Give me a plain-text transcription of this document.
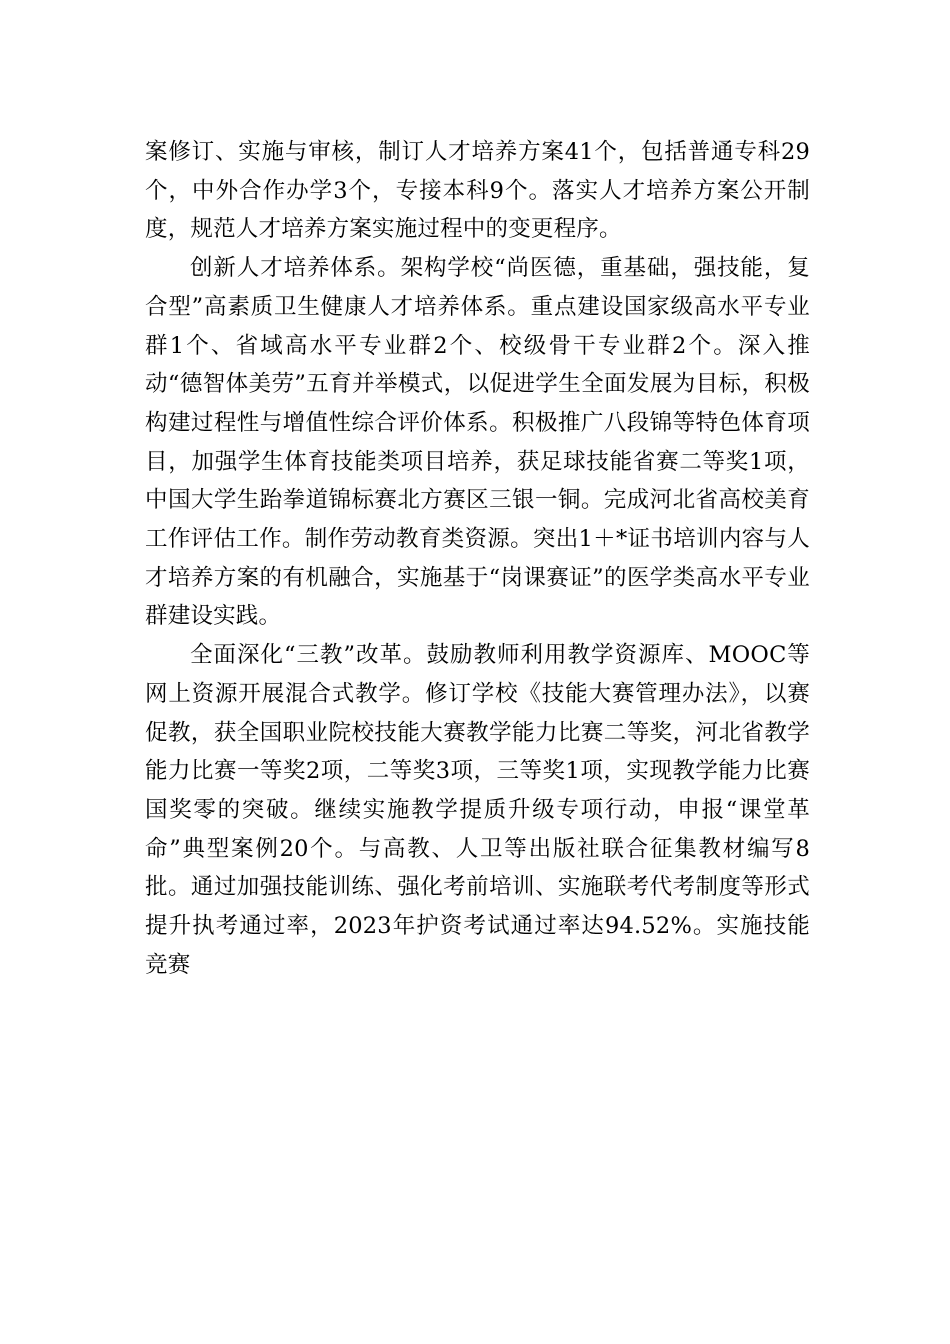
案修订、实施与审核，制订人才培养方案41个，包括普通专科29个，中外合作办学3个，专接本科9个。落实人才培养方案公开制度，规范人才培养方案实施过程中的变更程序。

创新人才培养体系。架构学校“尚医德，重基础，强技能，复合型”高素质卫生健康人才培养体系。重点建设国家级高水平专业群1个、省域高水平专业群2个、校级骨干专业群2个。深入推动“德智体美劳”五育并举模式，以促进学生全面发展为目标，积极构建过程性与增值性综合评价体系。积极推广八段锦等特色体育项目，加强学生体育技能类项目培养，获足球技能省赛二等奖1项，中国大学生跆拳道锦标赛北方赛区三银一铜。完成河北省高校美育工作评估工作。制作劳动教育类资源。突出1＋*证书培训内容与人才培养方案的有机融合，实施基于“岗课赛证”的医学类高水平专业群建设实践。

全面深化“三教”改革。鼓励教师利用教学资源库、MOOC等网上资源开展混合式教学。修订学校《技能大赛管理办法》，以赛促教，获全国职业院校技能大赛教学能力比赛二等奖，河北省教学能力比赛一等奖2项，二等奖3项，三等奖1项，实现教学能力比赛国奖零的突破。继续实施教学提质升级专项行动，申报“课堂革命”典型案例20个。与高教、人卫等出版社联合征集教材编写8批。通过加强技能训练、强化考前培训、实施联考代考制度等形式提升执考通过率，2023年护资考试通过率达94.52%。实施技能竞赛
